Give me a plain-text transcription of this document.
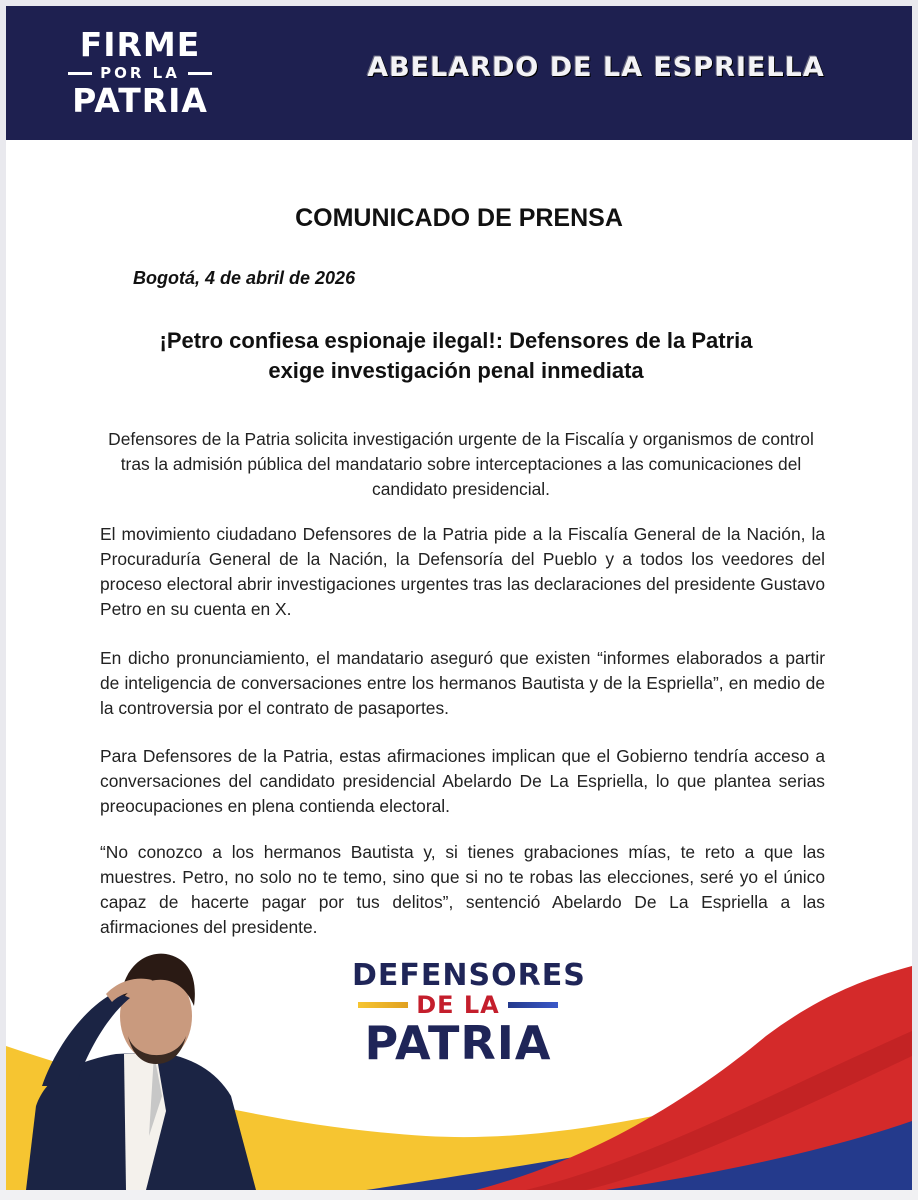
FIRME
POR LA
PATRIA
ABELARDO DE LA ESPRIELLA
COMUNICADO DE PRENSA
Bogotá, 4 de abril de 2026
¡Petro confiesa espionaje ilegal!: Defensores de la Patria
exige investigación penal inmediata
Defensores de la Patria solicita investigación urgente de la Fiscalía y organismos de control tras la admisión pública del mandatario sobre interceptaciones a las comunicaciones del candidato presidencial.
El movimiento ciudadano Defensores de la Patria pide a la Fiscalía General de la Nación, la Procuraduría General de la Nación, la Defensoría del Pueblo y a todos los veedores del proceso electoral abrir investigaciones urgentes tras las declaraciones del presidente Gustavo Petro en su cuenta en X.
En dicho pronunciamiento, el mandatario aseguró que existen “informes elaborados a partir de inteligencia de conversaciones entre los hermanos Bautista y de la Espriella”, en medio de la controversia por el contrato de pasaportes.
Para Defensores de la Patria, estas afirmaciones implican que el Gobierno tendría acceso a conversaciones del candidato presidencial Abelardo De La Espriella, lo que plantea serias preocupaciones en plena contienda electoral.
“No conozco a los hermanos Bautista y, si tienes grabaciones mías, te reto a que las muestres. Petro, no solo no te temo, sino que si no te robas las elecciones, seré yo el único capaz de hacerte pagar por tus delitos”, sentenció Abelardo De La Espriella a las afirmaciones del presidente.
DEFENSORES
DE LA
PATRIA
